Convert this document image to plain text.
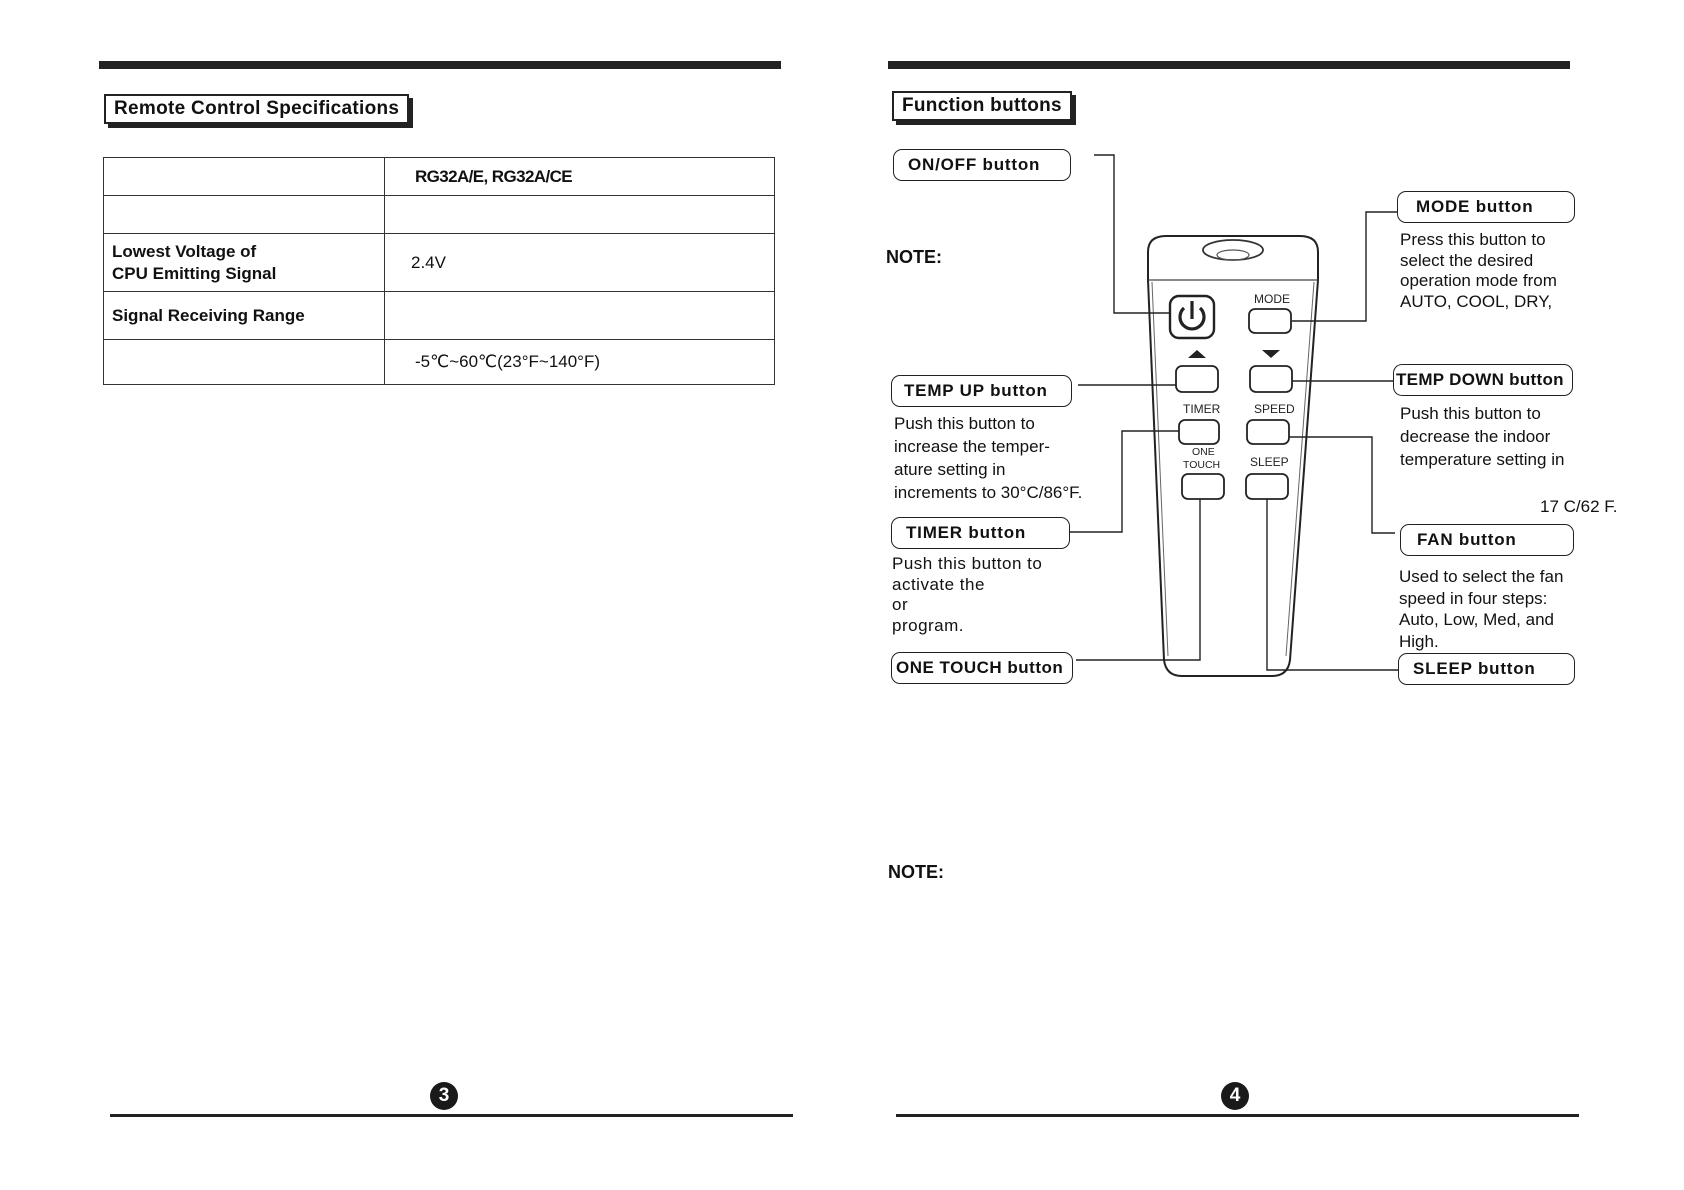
Remote Control Specifications
	RG32A/E, RG32A/CE

Lowest Voltage of
CPU Emitting Signal	2.4V
Signal Receiving Range	
	-5℃~60℃(23°F~140°F)
3
Function buttons
NOTE:
NOTE:
MODE
TIMER	SPEED
ONE
TOUCH SLEEP
ON/OFF button
MODE button
TEMP UP button
TEMP DOWN button
TIMER button	FAN button
ONE TOUCH button	SLEEP button
Press this button to
select the desired
operation mode from
AUTO, COOL, DRY,
Push this button to
increase the temper-
ature setting in
increments to 30°C/86°F.
Push this button to
decrease the indoor
temperature setting in
17 C/62 F.
Push this button to
activate the
or
program.
Used to select the fan
speed in four steps:
Auto, Low, Med, and
High.
4
